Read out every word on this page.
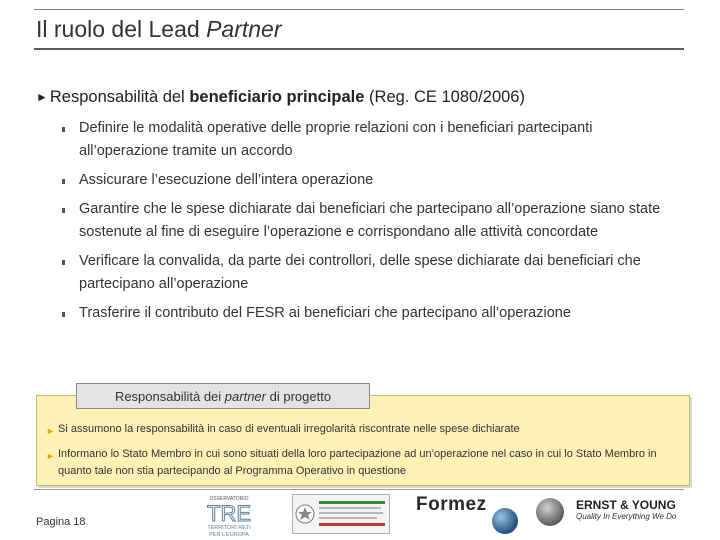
Il ruolo del Lead Partner
► Responsabilità del beneficiario principale (Reg. CE 1080/2006)
Definire le modalità operative delle proprie relazioni con i beneficiari partecipanti all’operazione tramite un accordo
Assicurare l’esecuzione dell’intera operazione
Garantire che le spese dichiarate dai beneficiari che partecipano all’operazione siano state sostenute al fine di eseguire l’operazione e corrispondano alle attività concordate
Verificare la convalida, da parte dei controllori, delle spese dichiarate dai beneficiari che partecipano all’operazione
Trasferire il contributo del FESR ai beneficiari che partecipano all’operazione
Responsabilità dei partner di progetto
► Si assumono la responsabilità in caso di eventuali irregolarità riscontrate nelle spese dichiarate
► Informano lo Stato Membro in cui sono situati della loro partecipazione ad un’operazione nel caso in cui lo Stato Membro in quanto tale non stia partecipando al Programma Operativo in questione
Pagina 18
OSSERVATORIO
TRE
TERRITORI RETI
PER L'EUROPA
Formez	ERNST & YOUNG
Quality In Everything We Do
